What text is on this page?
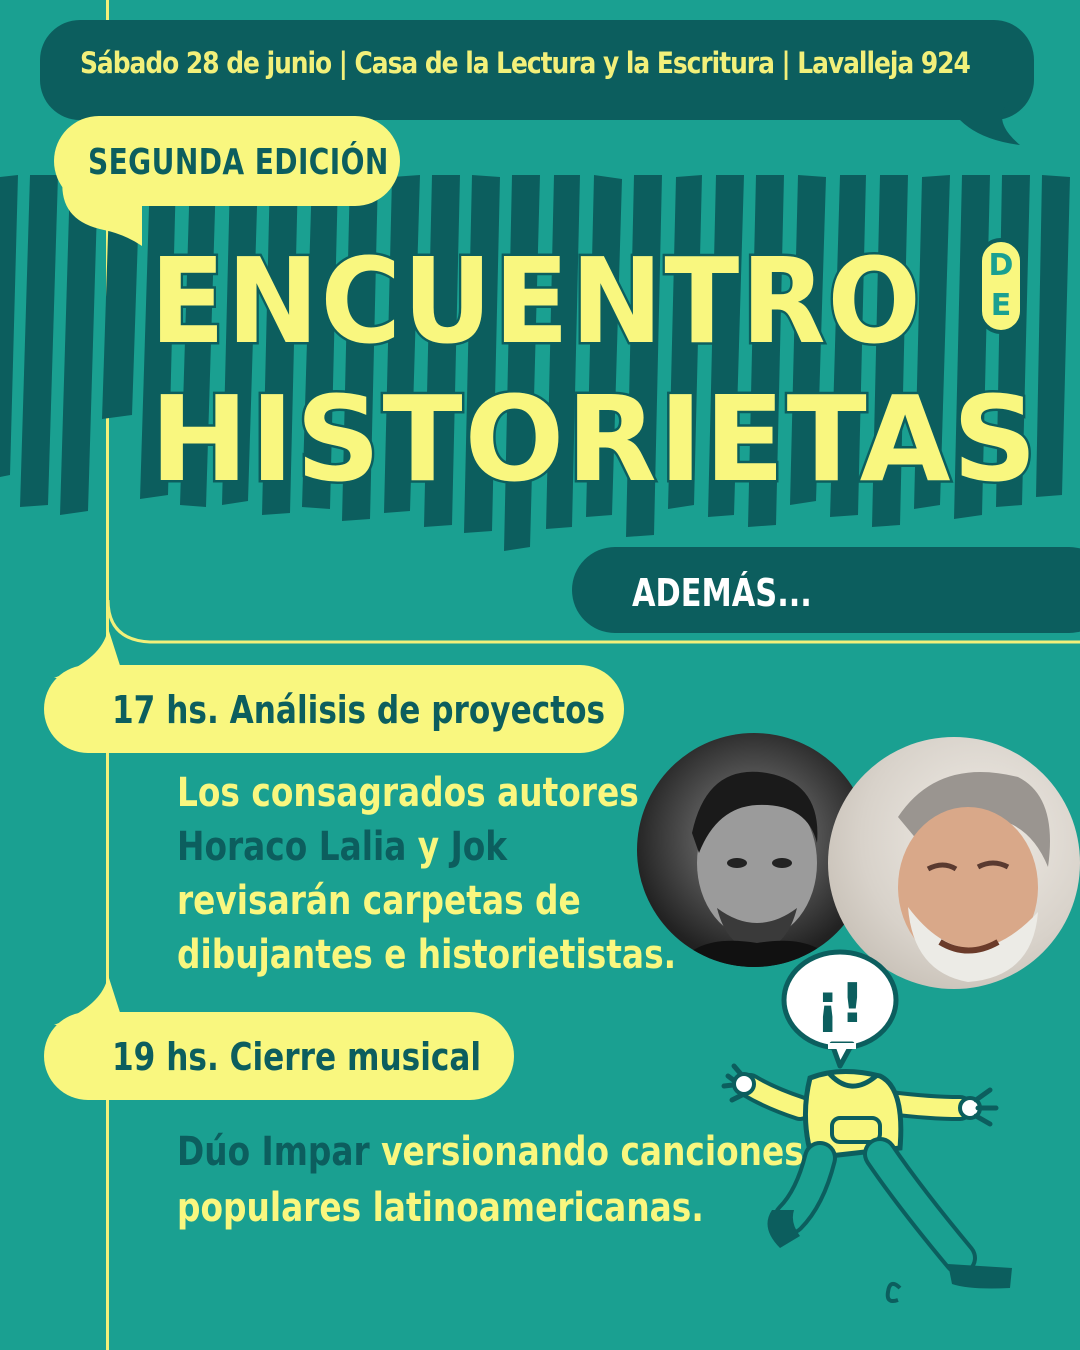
Sábado 28 de junio | Casa de la Lectura y la Escritura | Lavalleja 924
SEGUNDA EDICIÓN
ENCUENTRO D
E
HISTORIETAS
ADEMÁS...
17 hs. Análisis de proyectos
Los consagrados autores
Horaco Lalia y Jok
revisarán carpetas de
dibujantes e historietistas.
19 hs. Cierre musical
Dúo Impar versionando canciones
populares latinoamericanas.
¡!
